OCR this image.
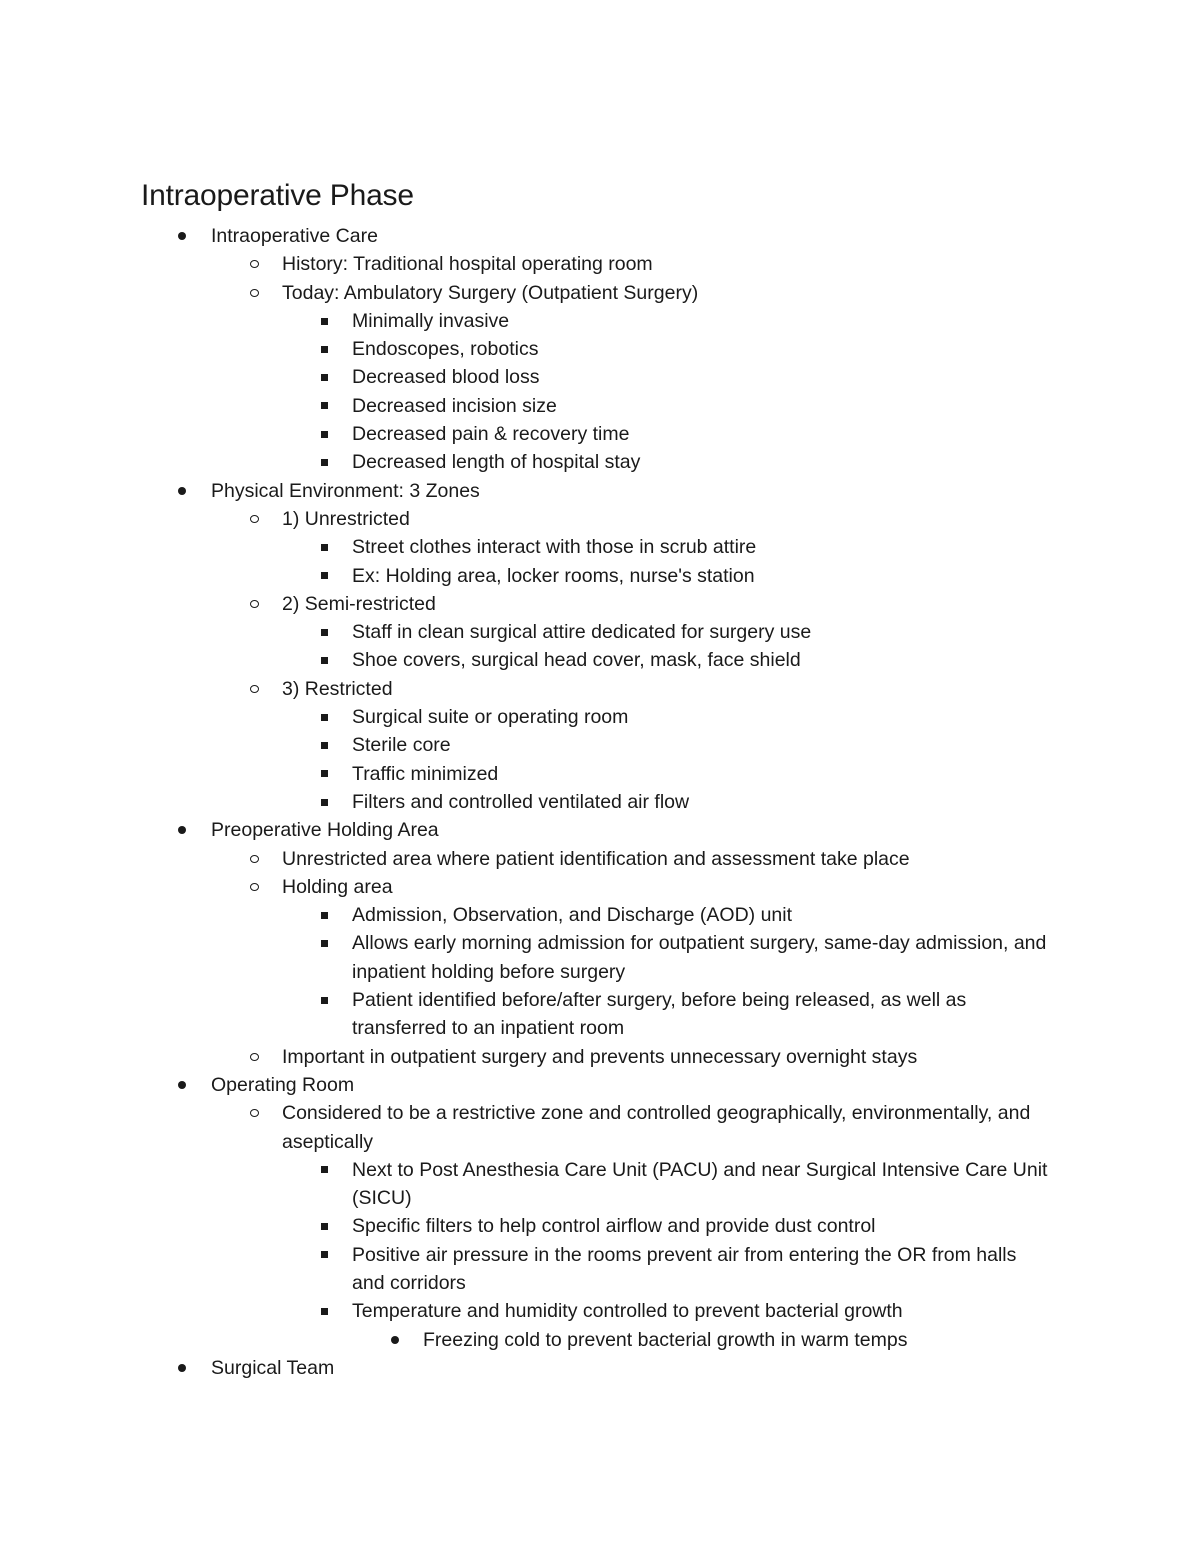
Intraoperative Phase
Intraoperative Care
History: Traditional hospital operating room
Today: Ambulatory Surgery (Outpatient Surgery)
Minimally invasive
Endoscopes, robotics
Decreased blood loss
Decreased incision size
Decreased pain & recovery time
Decreased length of hospital stay
Physical Environment: 3 Zones
1) Unrestricted
Street clothes interact with those in scrub attire
Ex: Holding area, locker rooms, nurse's station
2) Semi-restricted
Staff in clean surgical attire dedicated for surgery use
Shoe covers, surgical head cover, mask, face shield
3) Restricted
Surgical suite or operating room
Sterile core
Traffic minimized
Filters and controlled ventilated air flow
Preoperative Holding Area
Unrestricted area where patient identification and assessment take place
Holding area
Admission, Observation, and Discharge (AOD) unit
Allows early morning admission for outpatient surgery, same-day admission, and inpatient holding before surgery
Patient identified before/after surgery, before being released, as well as transferred to an inpatient room
Important in outpatient surgery and prevents unnecessary overnight stays
Operating Room
Considered to be a restrictive zone and controlled geographically, environmentally, and aseptically
Next to Post Anesthesia Care Unit (PACU) and near Surgical Intensive Care Unit (SICU)
Specific filters to help control airflow and provide dust control
Positive air pressure in the rooms prevent air from entering the OR from halls and corridors
Temperature and humidity controlled to prevent bacterial growth
Freezing cold to prevent bacterial growth in warm temps
Surgical Team
